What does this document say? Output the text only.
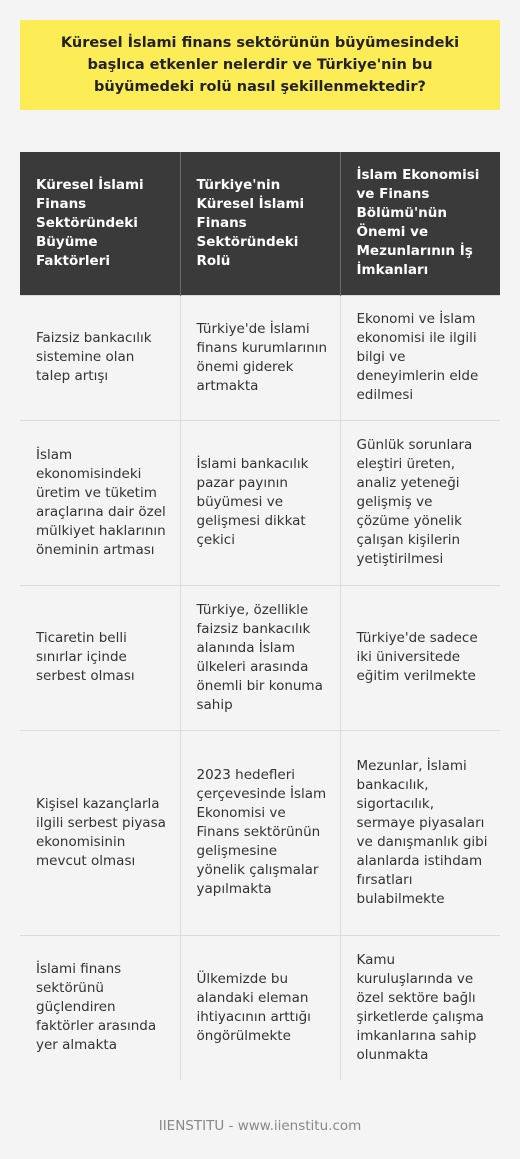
Küresel İslami finans sektörünün büyümesindeki başlıca etkenler nelerdir ve Türkiye'nin bu büyümedeki rolü nasıl şekillenmektedir?
Küresel İslami Finans Sektöründeki Büyüme Faktörleri	Türkiye'nin Küresel İslami Finans Sektöründeki Rolü	İslam Ekonomisi ve Finans Bölümü'nün Önemi ve Mezunlarının İş İmkanları
Faizsiz bankacılık sistemine olan talep artışı	Türkiye'de İslami finans kurumlarının önemi giderek artmakta	Ekonomi ve İslam ekonomisi ile ilgili bilgi ve deneyimlerin elde edilmesi
İslam ekonomisindeki üretim ve tüketim araçlarına dair özel mülkiyet haklarının öneminin artması	İslami bankacılık pazar payının büyümesi ve gelişmesi dikkat çekici	Günlük sorunlara eleştiri üreten, analiz yeteneği gelişmiş ve çözüme yönelik çalışan kişilerin yetiştirilmesi
Ticaretin belli sınırlar içinde serbest olması	Türkiye, özellikle faizsiz bankacılık alanında İslam ülkeleri arasında önemli bir konuma sahip	Türkiye'de sadece iki üniversitede eğitim verilmekte
Kişisel kazançlarla ilgili serbest piyasa ekonomisinin mevcut olması	2023 hedefleri çerçevesinde İslam Ekonomisi ve Finans sektörünün gelişmesine yönelik çalışmalar yapılmakta	Mezunlar, İslami bankacılık, sigortacılık, sermaye piyasaları ve danışmanlık gibi alanlarda istihdam fırsatları bulabilmekte
İslami finans sektörünü güçlendiren faktörler arasında yer almakta	Ülkemizde bu alandaki eleman ihtiyacının arttığı öngörülmekte	Kamu kuruluşlarında ve özel sektöre bağlı şirketlerde çalışma imkanlarına sahip olunmakta
IIENSTITU - www.iienstitu.com
